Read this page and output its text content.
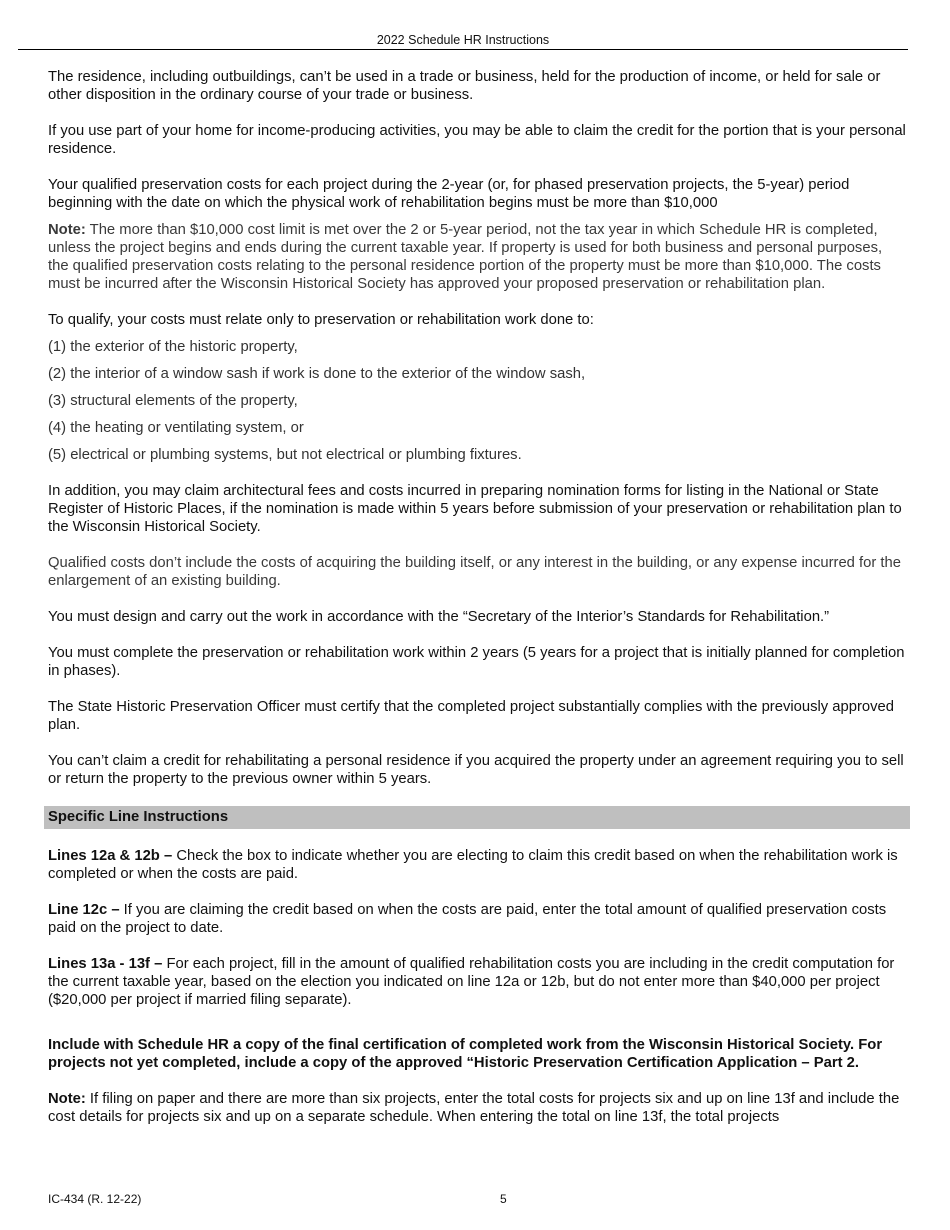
2022 Schedule HR Instructions

The residence, including outbuildings, can’t be used in a trade or business, held for the production of income, or held for sale or other disposition in the ordinary course of your trade or business.

If you use part of your home for income-producing activities, you may be able to claim the credit for the portion that is your personal residence.

Your qualified preservation costs for each project during the 2-year (or, for phased preservation projects, the 5-year) period beginning with the date on which the physical work of rehabilitation begins must be more than $10,000

Note: The more than $10,000 cost limit is met over the 2 or 5-year period, not the tax year in which Schedule HR is completed, unless the project begins and ends during the current taxable year. If property is used for both business and personal purposes, the qualified preservation costs relating to the personal residence portion of the property must be more than $10,000. The costs must be incurred after the Wisconsin Historical Society has approved your proposed preservation or rehabilitation plan.

To qualify, your costs must relate only to preservation or rehabilitation work done to:

(1) the exterior of the historic property,
(2) the interior of a window sash if work is done to the exterior of the window sash,
(3) structural elements of the property,
(4) the heating or ventilating system, or
(5) electrical or plumbing systems, but not electrical or plumbing fixtures.

In addition, you may claim architectural fees and costs incurred in preparing nomination forms for listing in the National or State Register of Historic Places, if the nomination is made within 5 years before submission of your preservation or rehabilitation plan to the Wisconsin Historical Society.

Qualified costs don’t include the costs of acquiring the building itself, or any interest in the building, or any expense incurred for the enlargement of an existing building.

You must design and carry out the work in accordance with the “Secretary of the Interior’s Standards for Rehabilitation.”

You must complete the preservation or rehabilitation work within 2 years (5 years for a project that is initially planned for completion in phases).

The State Historic Preservation Officer must certify that the completed project substantially complies with the previously approved plan.

You can’t claim a credit for rehabilitating a personal residence if you acquired the property under an agreement requiring you to sell or return the property to the previous owner within 5 years.

Specific Line Instructions

Lines 12a & 12b – Check the box to indicate whether you are electing to claim this credit based on when the rehabilitation work is completed or when the costs are paid.

Line 12c – If you are claiming the credit based on when the costs are paid, enter the total amount of qualified preservation costs paid on the project to date.

Lines 13a - 13f – For each project, fill in the amount of qualified rehabilitation costs you are including in the credit computation for the current taxable year, based on the election you indicated on line 12a or 12b, but do not enter more than $40,000 per project ($20,000 per project if married filing separate).

Include with Schedule HR a copy of the final certification of completed work from the Wisconsin Historical Society. For projects not yet completed, include a copy of the approved “Historic Preservation Certification Application – Part 2.

Note: If filing on paper and there are more than six projects, enter the total costs for projects six and up on line 13f and include the cost details for projects six and up on a separate schedule. When entering the total on line 13f, the total projects

IC-434 (R. 12-22)	5
